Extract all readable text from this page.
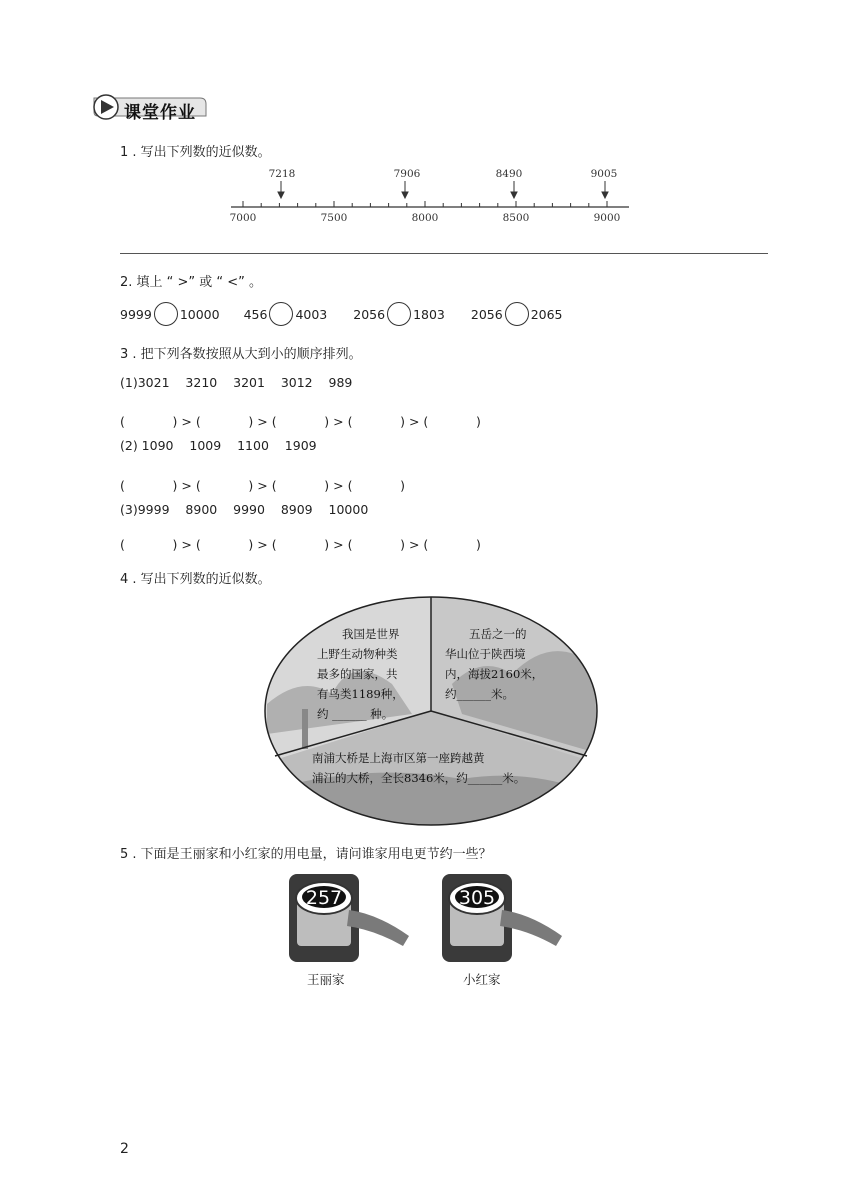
课堂作业
1 . 写出下列数的近似数。
7000	7500	8000	8500	9000
7218	7906	8490	9005
2. 填上 “ >” 或 “ <” 。
9999 10000 456 4003 2056 1803 2056 2065
3 . 把下列各数按照从大到小的顺序排列。
(1)3021    3210    3201    3012    989
(            ) > (            ) > (            ) > (            ) > (            )
(2) 1090    1009    1100    1909
(            ) > (            ) > (            ) > (            )
(3)9999    8900    9990    8909    10000
(            ) > (            ) > (            ) > (            ) > (            )
4 . 写出下列数的近似数。
我国是世界
上野生动物种类
最多的国家，共
有鸟类1189种，
约 ______ 种。
五岳之一的
华山位于陕西境
内，海拔2160米，
约______米。
南浦大桥是上海市区第一座跨越黄
浦江的大桥，全长8346米，约______米。
5 . 下面是王丽家和小红家的用电量，请问谁家用电更节约一些？
257
王丽家
305
小红家
2
